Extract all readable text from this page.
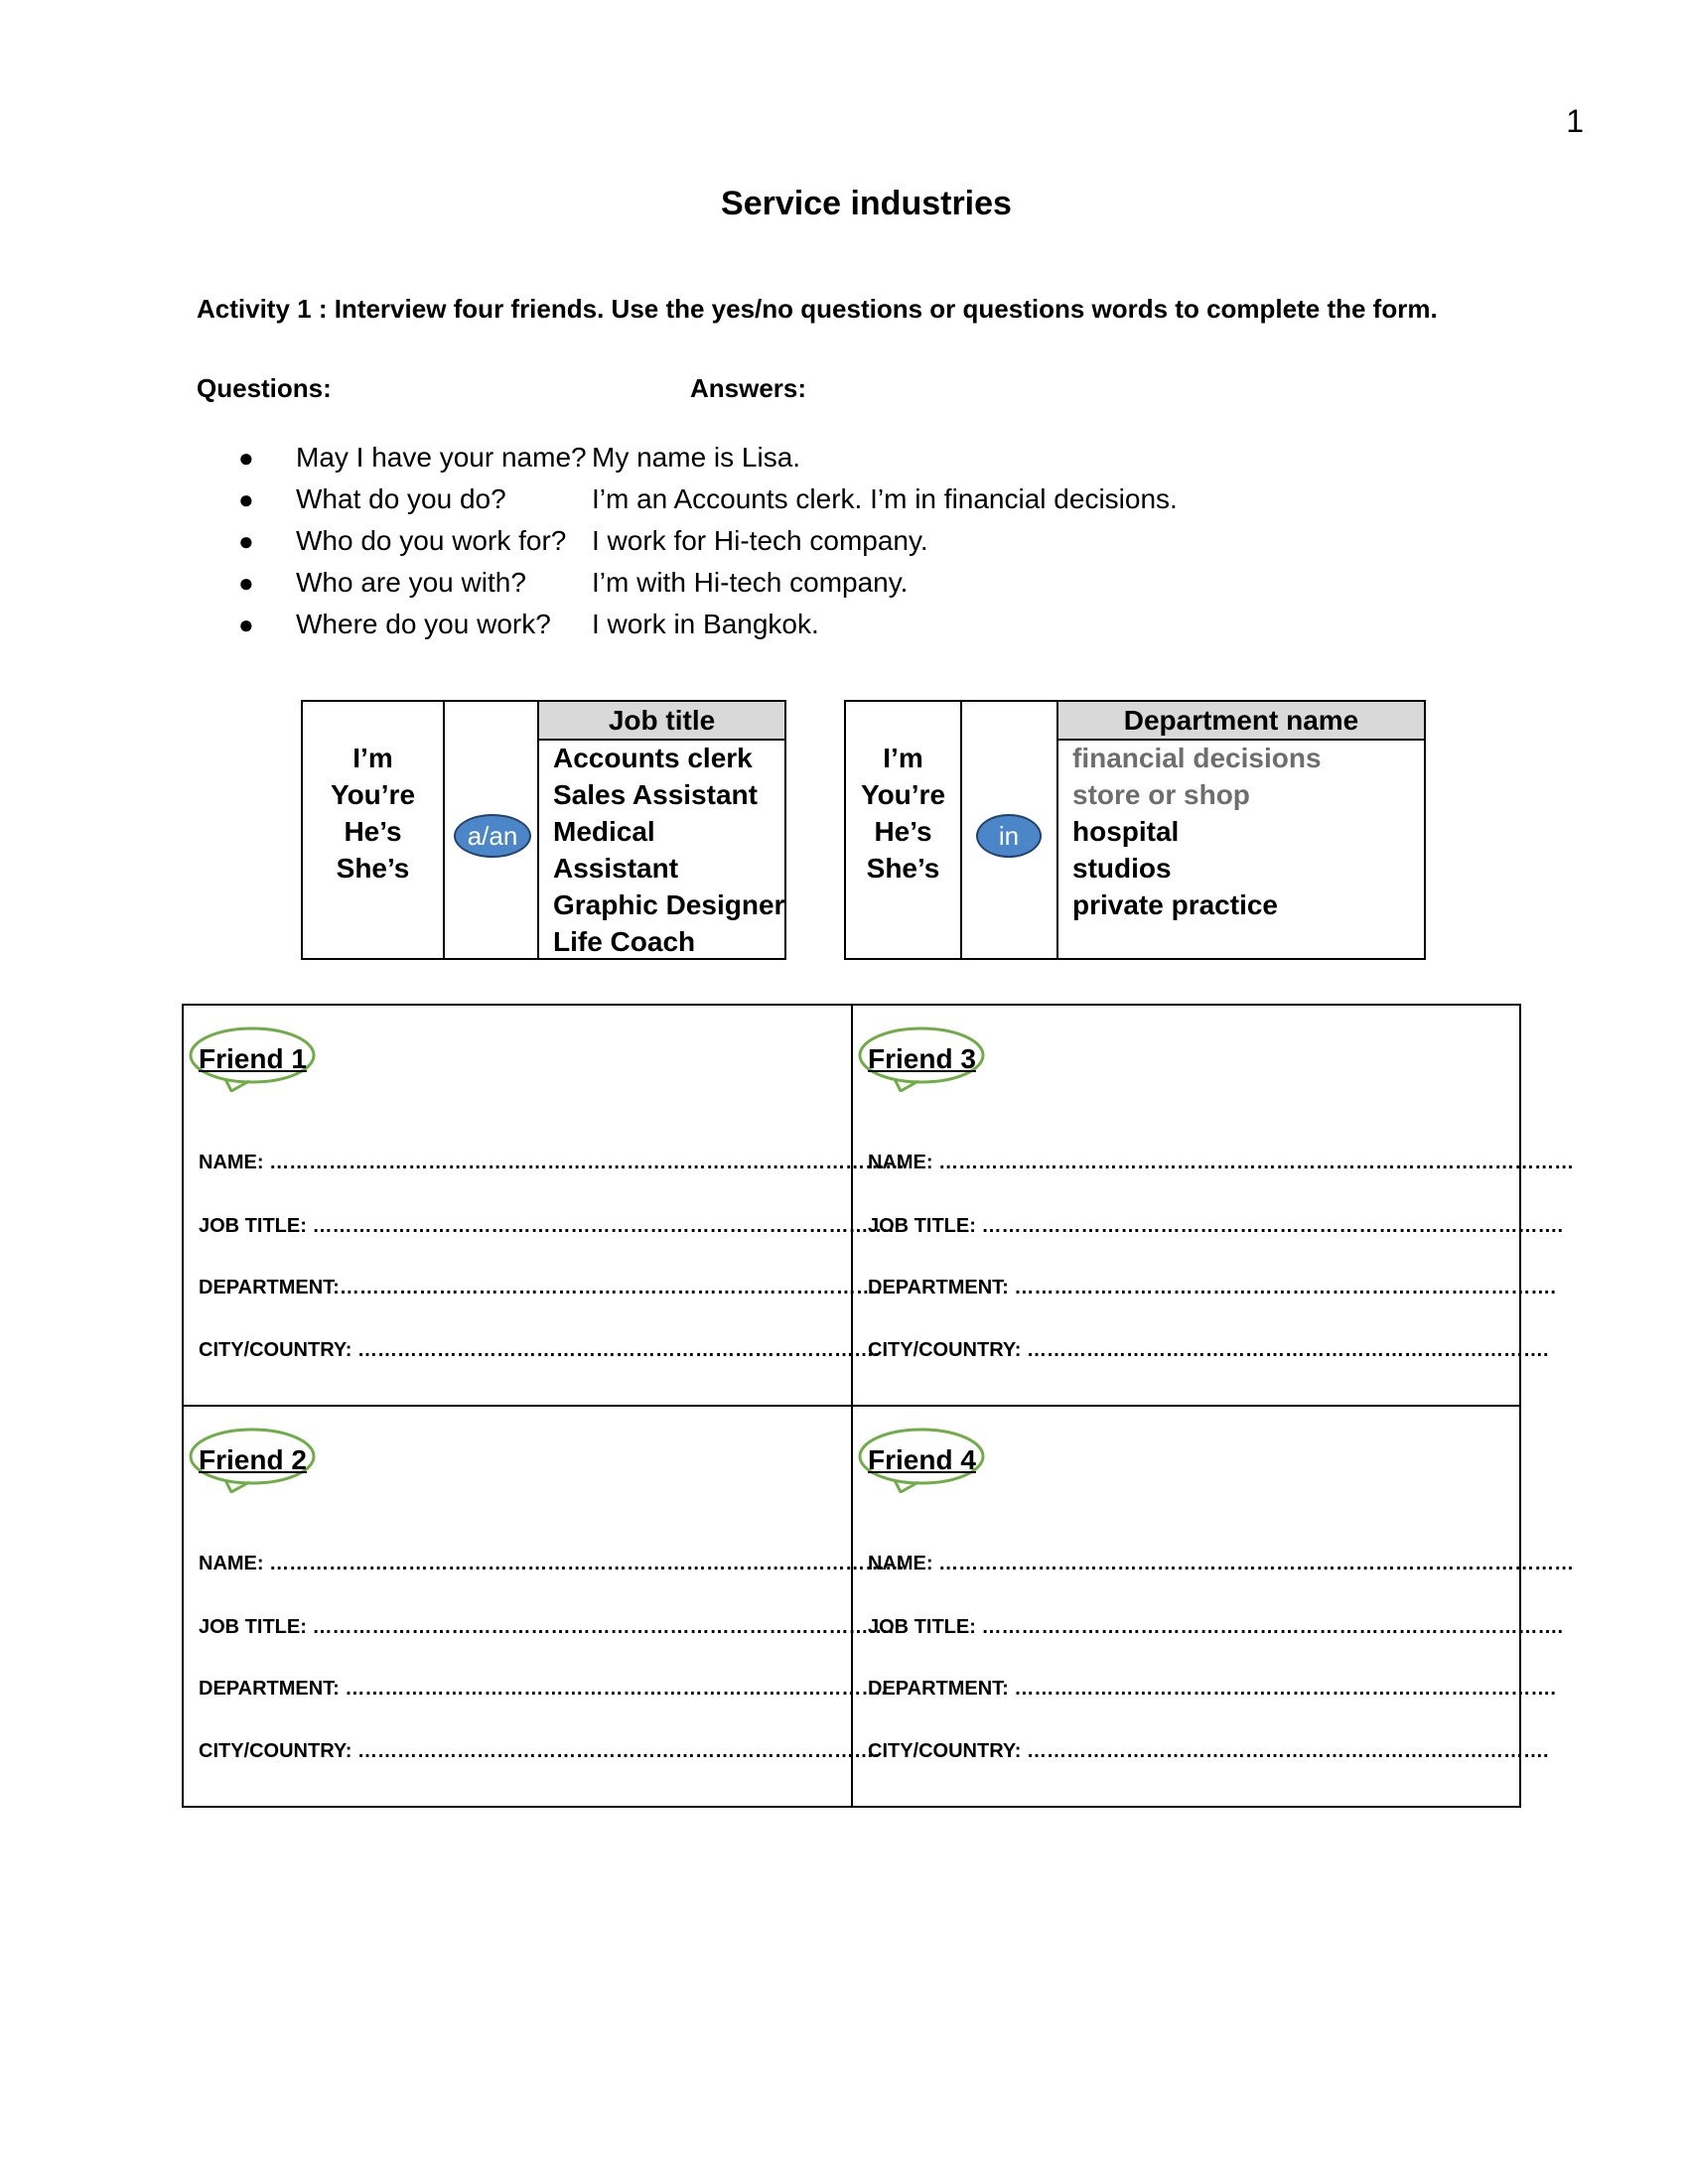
1
Service industries
Activity 1 : Interview four friends. Use the yes/no questions or questions words to complete the form.
Questions:	Answers:
● May I have your name? My name is Lisa.
● What do you do?	I’m an Accounts clerk. I’m in financial decisions.
● Who do you work for? I work for Hi-tech company.
● Who are you with? I’m with Hi-tech company.
● Where do you work? I work in Bangkok.
I’m
You’re
He’s
She’s
a/an
Job title
Accounts clerk
Sales Assistant
Medical
Assistant
Graphic Designer
Life Coach
I’m
You’re
He’s
She’s
in
Department name
financial decisions
store or shop
hospital
studios
private practice
Friend 1
NAME: ……………………………………………………………………………………
JOB TITLE: …………………………………………………………………………….
DEPARTMENT:……………………………………………………………………….
CITY/COUNTRY: …………………………………………………………………….
Friend 3
NAME: ……………………………………………………………………………………
JOB TITLE: …………………………………………………………………………….
DEPARTMENT: ……………………………………………………………………….
CITY/COUNTRY: …………………………………………………………………….
Friend 2
NAME: ……………………………………………………………………………………
JOB TITLE: …………………………………………………………………………….
DEPARTMENT: ……………………………………………………………………….
CITY/COUNTRY: …………………………………………………………………….
Friend 4
NAME: ……………………………………………………………………………………
JOB TITLE: …………………………………………………………………………….
DEPARTMENT: ……………………………………………………………………….
CITY/COUNTRY: …………………………………………………………………….
